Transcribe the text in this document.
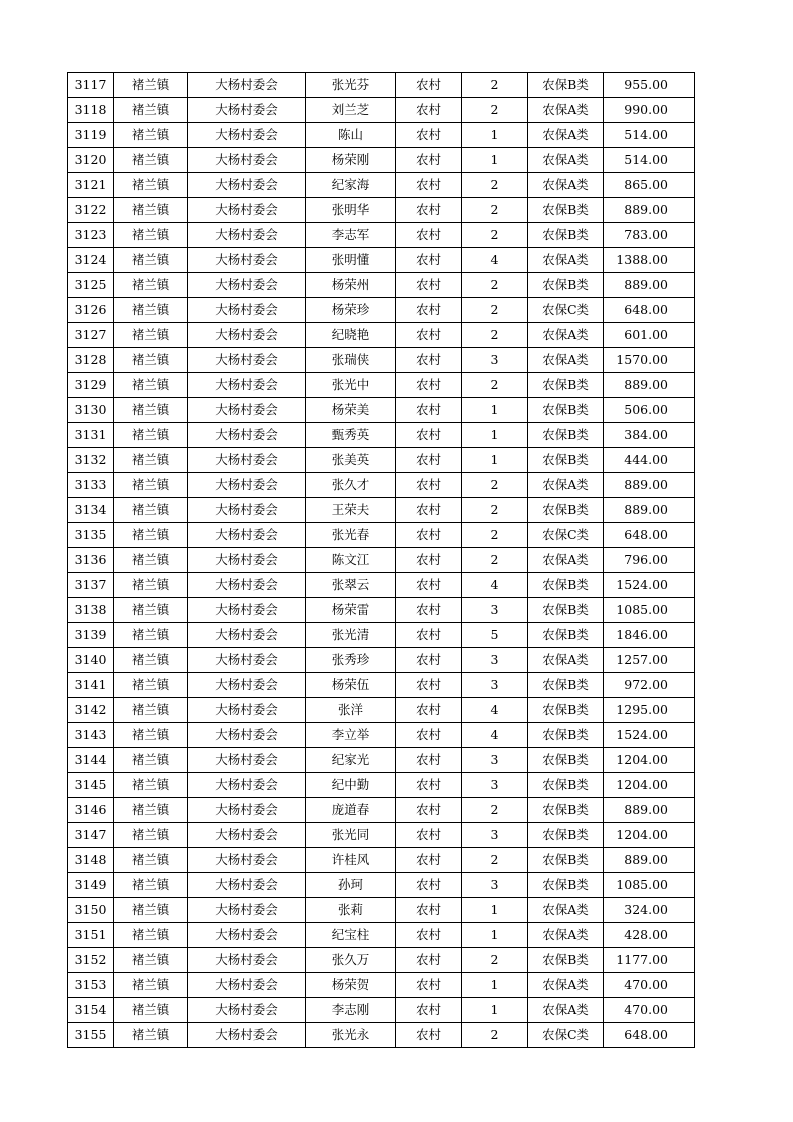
3117	褚兰镇	大杨村委会	张光芬	农村	2	农保B类	955.00
3118	褚兰镇	大杨村委会	刘兰芝	农村	2	农保A类	990.00
3119	褚兰镇	大杨村委会	陈山	农村	1	农保A类	514.00
3120	褚兰镇	大杨村委会	杨荣刚	农村	1	农保A类	514.00
3121	褚兰镇	大杨村委会	纪家海	农村	2	农保A类	865.00
3122	褚兰镇	大杨村委会	张明华	农村	2	农保B类	889.00
3123	褚兰镇	大杨村委会	李志军	农村	2	农保B类	783.00
3124	褚兰镇	大杨村委会	张明懂	农村	4	农保A类	1388.00
3125	褚兰镇	大杨村委会	杨荣州	农村	2	农保B类	889.00
3126	褚兰镇	大杨村委会	杨荣珍	农村	2	农保C类	648.00
3127	褚兰镇	大杨村委会	纪晓艳	农村	2	农保A类	601.00
3128	褚兰镇	大杨村委会	张瑞侠	农村	3	农保A类	1570.00
3129	褚兰镇	大杨村委会	张光中	农村	2	农保B类	889.00
3130	褚兰镇	大杨村委会	杨荣美	农村	1	农保B类	506.00
3131	褚兰镇	大杨村委会	甄秀英	农村	1	农保B类	384.00
3132	褚兰镇	大杨村委会	张美英	农村	1	农保B类	444.00
3133	褚兰镇	大杨村委会	张久才	农村	2	农保A类	889.00
3134	褚兰镇	大杨村委会	王荣夫	农村	2	农保B类	889.00
3135	褚兰镇	大杨村委会	张光春	农村	2	农保C类	648.00
3136	褚兰镇	大杨村委会	陈文江	农村	2	农保A类	796.00
3137	褚兰镇	大杨村委会	张翠云	农村	4	农保B类	1524.00
3138	褚兰镇	大杨村委会	杨荣雷	农村	3	农保B类	1085.00
3139	褚兰镇	大杨村委会	张光清	农村	5	农保B类	1846.00
3140	褚兰镇	大杨村委会	张秀珍	农村	3	农保A类	1257.00
3141	褚兰镇	大杨村委会	杨荣伍	农村	3	农保B类	972.00
3142	褚兰镇	大杨村委会	张洋	农村	4	农保B类	1295.00
3143	褚兰镇	大杨村委会	李立举	农村	4	农保B类	1524.00
3144	褚兰镇	大杨村委会	纪家光	农村	3	农保B类	1204.00
3145	褚兰镇	大杨村委会	纪中勤	农村	3	农保B类	1204.00
3146	褚兰镇	大杨村委会	庞道春	农村	2	农保B类	889.00
3147	褚兰镇	大杨村委会	张光同	农村	3	农保B类	1204.00
3148	褚兰镇	大杨村委会	许桂风	农村	2	农保B类	889.00
3149	褚兰镇	大杨村委会	孙珂	农村	3	农保B类	1085.00
3150	褚兰镇	大杨村委会	张莉	农村	1	农保A类	324.00
3151	褚兰镇	大杨村委会	纪宝柱	农村	1	农保A类	428.00
3152	褚兰镇	大杨村委会	张久万	农村	2	农保B类	1177.00
3153	褚兰镇	大杨村委会	杨荣贺	农村	1	农保A类	470.00
3154	褚兰镇	大杨村委会	李志刚	农村	1	农保A类	470.00
3155	褚兰镇	大杨村委会	张光永	农村	2	农保C类	648.00
